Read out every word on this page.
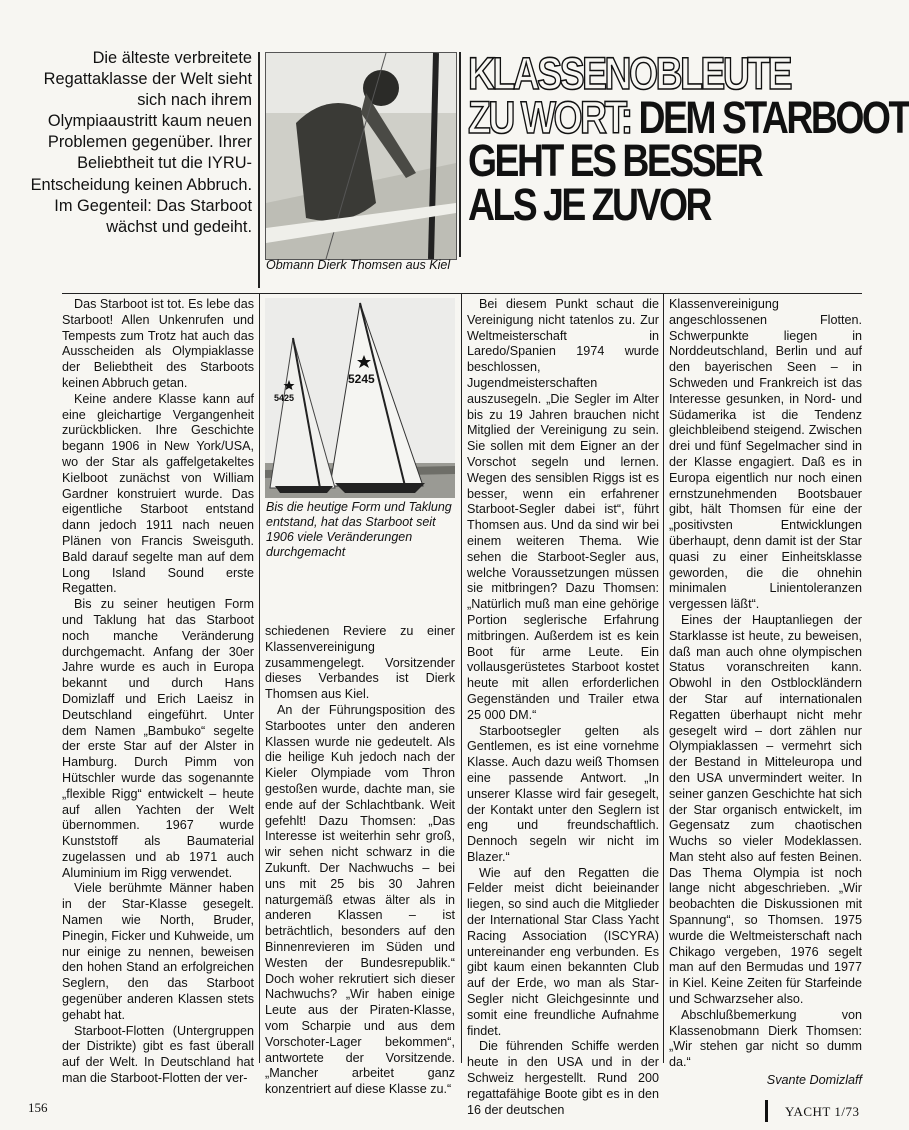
Die älteste verbreitete Regattaklasse der Welt sieht sich nach ihrem Olympiaaustritt kaum neuen Problemen gegenüber. Ihrer Beliebtheit tut die IYRU-Entscheidung keinen Abbruch. Im Gegenteil: Das Starboot wächst und gedeiht.
Obmann Dierk Thomsen aus Kiel
KLASSENOBLEUTE
ZU WORT: DEM STARBOOT
GEHT ES BESSER
ALS JE ZUVOR

Das Starboot ist tot. Es lebe das Starboot! Allen Unkenrufen und Tempests zum Trotz hat auch das Ausscheiden als Olympiaklasse der Beliebtheit des Starboots keinen Abbruch getan.

Keine andere Klasse kann auf eine gleichartige Vergangenheit zurückblicken. Ihre Geschichte begann 1906 in New York/USA, wo der Star als gaffelgetakeltes Kielboot zunächst von William Gardner konstruiert wurde. Das eigentliche Starboot entstand dann jedoch 1911 nach neuen Plänen von Francis Sweisguth. Bald darauf segelte man auf dem Long Island Sound erste Regatten.

Bis zu seiner heutigen Form und Taklung hat das Starboot noch manche Veränderung durchgemacht. Anfang der 30er Jahre wurde es auch in Europa bekannt und durch Hans Domizlaff und Erich Laeisz in Deutschland eingeführt. Unter dem Namen „Bambuko“ segelte der erste Star auf der Alster in Hamburg. Durch Pimm von Hütschler wurde das sogenannte „flexible Rigg“ entwickelt – heute auf allen Yachten der Welt übernommen. 1967 wurde Kunststoff als Baumaterial zugelassen und ab 1971 auch Aluminium im Rigg verwendet.

Viele berühmte Männer haben in der Star-Klasse gesegelt. Namen wie North, Bruder, Pinegin, Ficker und Kuhweide, um nur einige zu nennen, beweisen den hohen Stand an erfolgreichen Seglern, den das Starboot gegenüber anderen Klassen stets gehabt hat.

Starboot-Flotten (Untergruppen der Distrikte) gibt es fast überall auf der Welt. In Deutschland hat man die Starboot-Flotten der ver-

5245
5425
Bis die heutige Form und Taklung entstand, hat das Starboot seit 1906 viele Veränderungen durchgemacht

schiedenen Reviere zu einer Klassenvereinigung zusammengelegt. Vorsitzender dieses Verbandes ist Dierk Thomsen aus Kiel.

An der Führungsposition des Starbootes unter den anderen Klassen wurde nie gedeutelt. Als die heilige Kuh jedoch nach der Kieler Olympiade vom Thron gestoßen wurde, dachte man, sie ende auf der Schlachtbank. Weit gefehlt! Dazu Thomsen: „Das Interesse ist weiterhin sehr groß, wir sehen nicht schwarz in die Zukunft. Der Nachwuchs – bei uns mit 25 bis 30 Jahren naturgemäß etwas älter als in anderen Klassen – ist beträchtlich, besonders auf den Binnenrevieren im Süden und Westen der Bundesrepublik.“ Doch woher rekrutiert sich dieser Nachwuchs? „Wir haben einige Leute aus der Piraten-Klasse, vom Scharpie und aus dem Vorschoter-Lager bekommen“, antwortete der Vorsitzende. „Mancher arbeitet ganz konzentriert auf diese Klasse zu.“

Bei diesem Punkt schaut die Vereinigung nicht tatenlos zu. Zur Weltmeisterschaft in Laredo/Spanien 1974 wurde beschlossen, Jugendmeisterschaften auszusegeln. „Die Segler im Alter bis zu 19 Jahren brauchen nicht Mitglied der Vereinigung zu sein. Sie sollen mit dem Eigner an der Vorschot segeln und lernen. Wegen des sensiblen Riggs ist es besser, wenn ein erfahrener Starboot-Segler dabei ist“, führt Thomsen aus. Und da sind wir bei einem weiteren Thema. Wie sehen die Starboot-Segler aus, welche Voraussetzungen müssen sie mitbringen? Dazu Thomsen: „Natürlich muß man eine gehörige Portion seglerische Erfahrung mitbringen. Außerdem ist es kein Boot für arme Leute. Ein vollausgerüstetes Starboot kostet heute mit allen erforderlichen Gegenständen und Trailer etwa 25 000 DM.“

Starbootsegler gelten als Gentlemen, es ist eine vornehme Klasse. Auch dazu weiß Thomsen eine passende Antwort. „In unserer Klasse wird fair gesegelt, der Kontakt unter den Seglern ist eng und freundschaftlich. Dennoch segeln wir nicht im Blazer.“

Wie auf den Regatten die Felder meist dicht beieinander liegen, so sind auch die Mitglieder der International Star Class Yacht Racing Association (ISCYRA) untereinander eng verbunden. Es gibt kaum einen bekannten Club auf der Erde, wo man als Star-Segler nicht Gleichgesinnte und somit eine freundliche Aufnahme findet.

Die führenden Schiffe werden heute in den USA und in der Schweiz hergestellt. Rund 200 regattafähige Boote gibt es in den 16 der deutschen

Klassenvereinigung angeschlossenen Flotten. Schwerpunkte liegen in Norddeutschland, Berlin und auf den bayerischen Seen – in Schweden und Frankreich ist das Interesse gesunken, in Nord- und Südamerika ist die Tendenz gleichbleibend steigend. Zwischen drei und fünf Segelmacher sind in der Klasse engagiert. Daß es in Europa eigentlich nur noch einen ernstzunehmenden Bootsbauer gibt, hält Thomsen für eine der „positivsten Entwicklungen überhaupt, denn damit ist der Star quasi zu einer Einheitsklasse geworden, die die ohnehin minimalen Linientoleranzen vergessen läßt“.

Eines der Hauptanliegen der Starklasse ist heute, zu beweisen, daß man auch ohne olympischen Status voranschreiten kann. Obwohl in den Ostblockländern der Star auf internationalen Regatten überhaupt nicht mehr gesegelt wird – dort zählen nur Olympiaklassen – vermehrt sich der Bestand in Mitteleuropa und den USA unvermindert weiter. In seiner ganzen Geschichte hat sich der Star organisch entwickelt, im Gegensatz zum chaotischen Wuchs so vieler Modeklassen. Man steht also auf festen Beinen. Das Thema Olympia ist noch lange nicht abgeschrieben. „Wir beobachten die Diskussionen mit Spannung“, so Thomsen. 1975 wurde die Weltmeisterschaft nach Chikago vergeben, 1976 segelt man auf den Bermudas und 1977 in Kiel. Keine Zeiten für Starfeinde und Schwarzseher also.

Abschlußbemerkung von Klassenobmann Dierk Thomsen: „Wir stehen gar nicht so dumm da.“

Svante Domizlaff
156	YACHT 1/73
